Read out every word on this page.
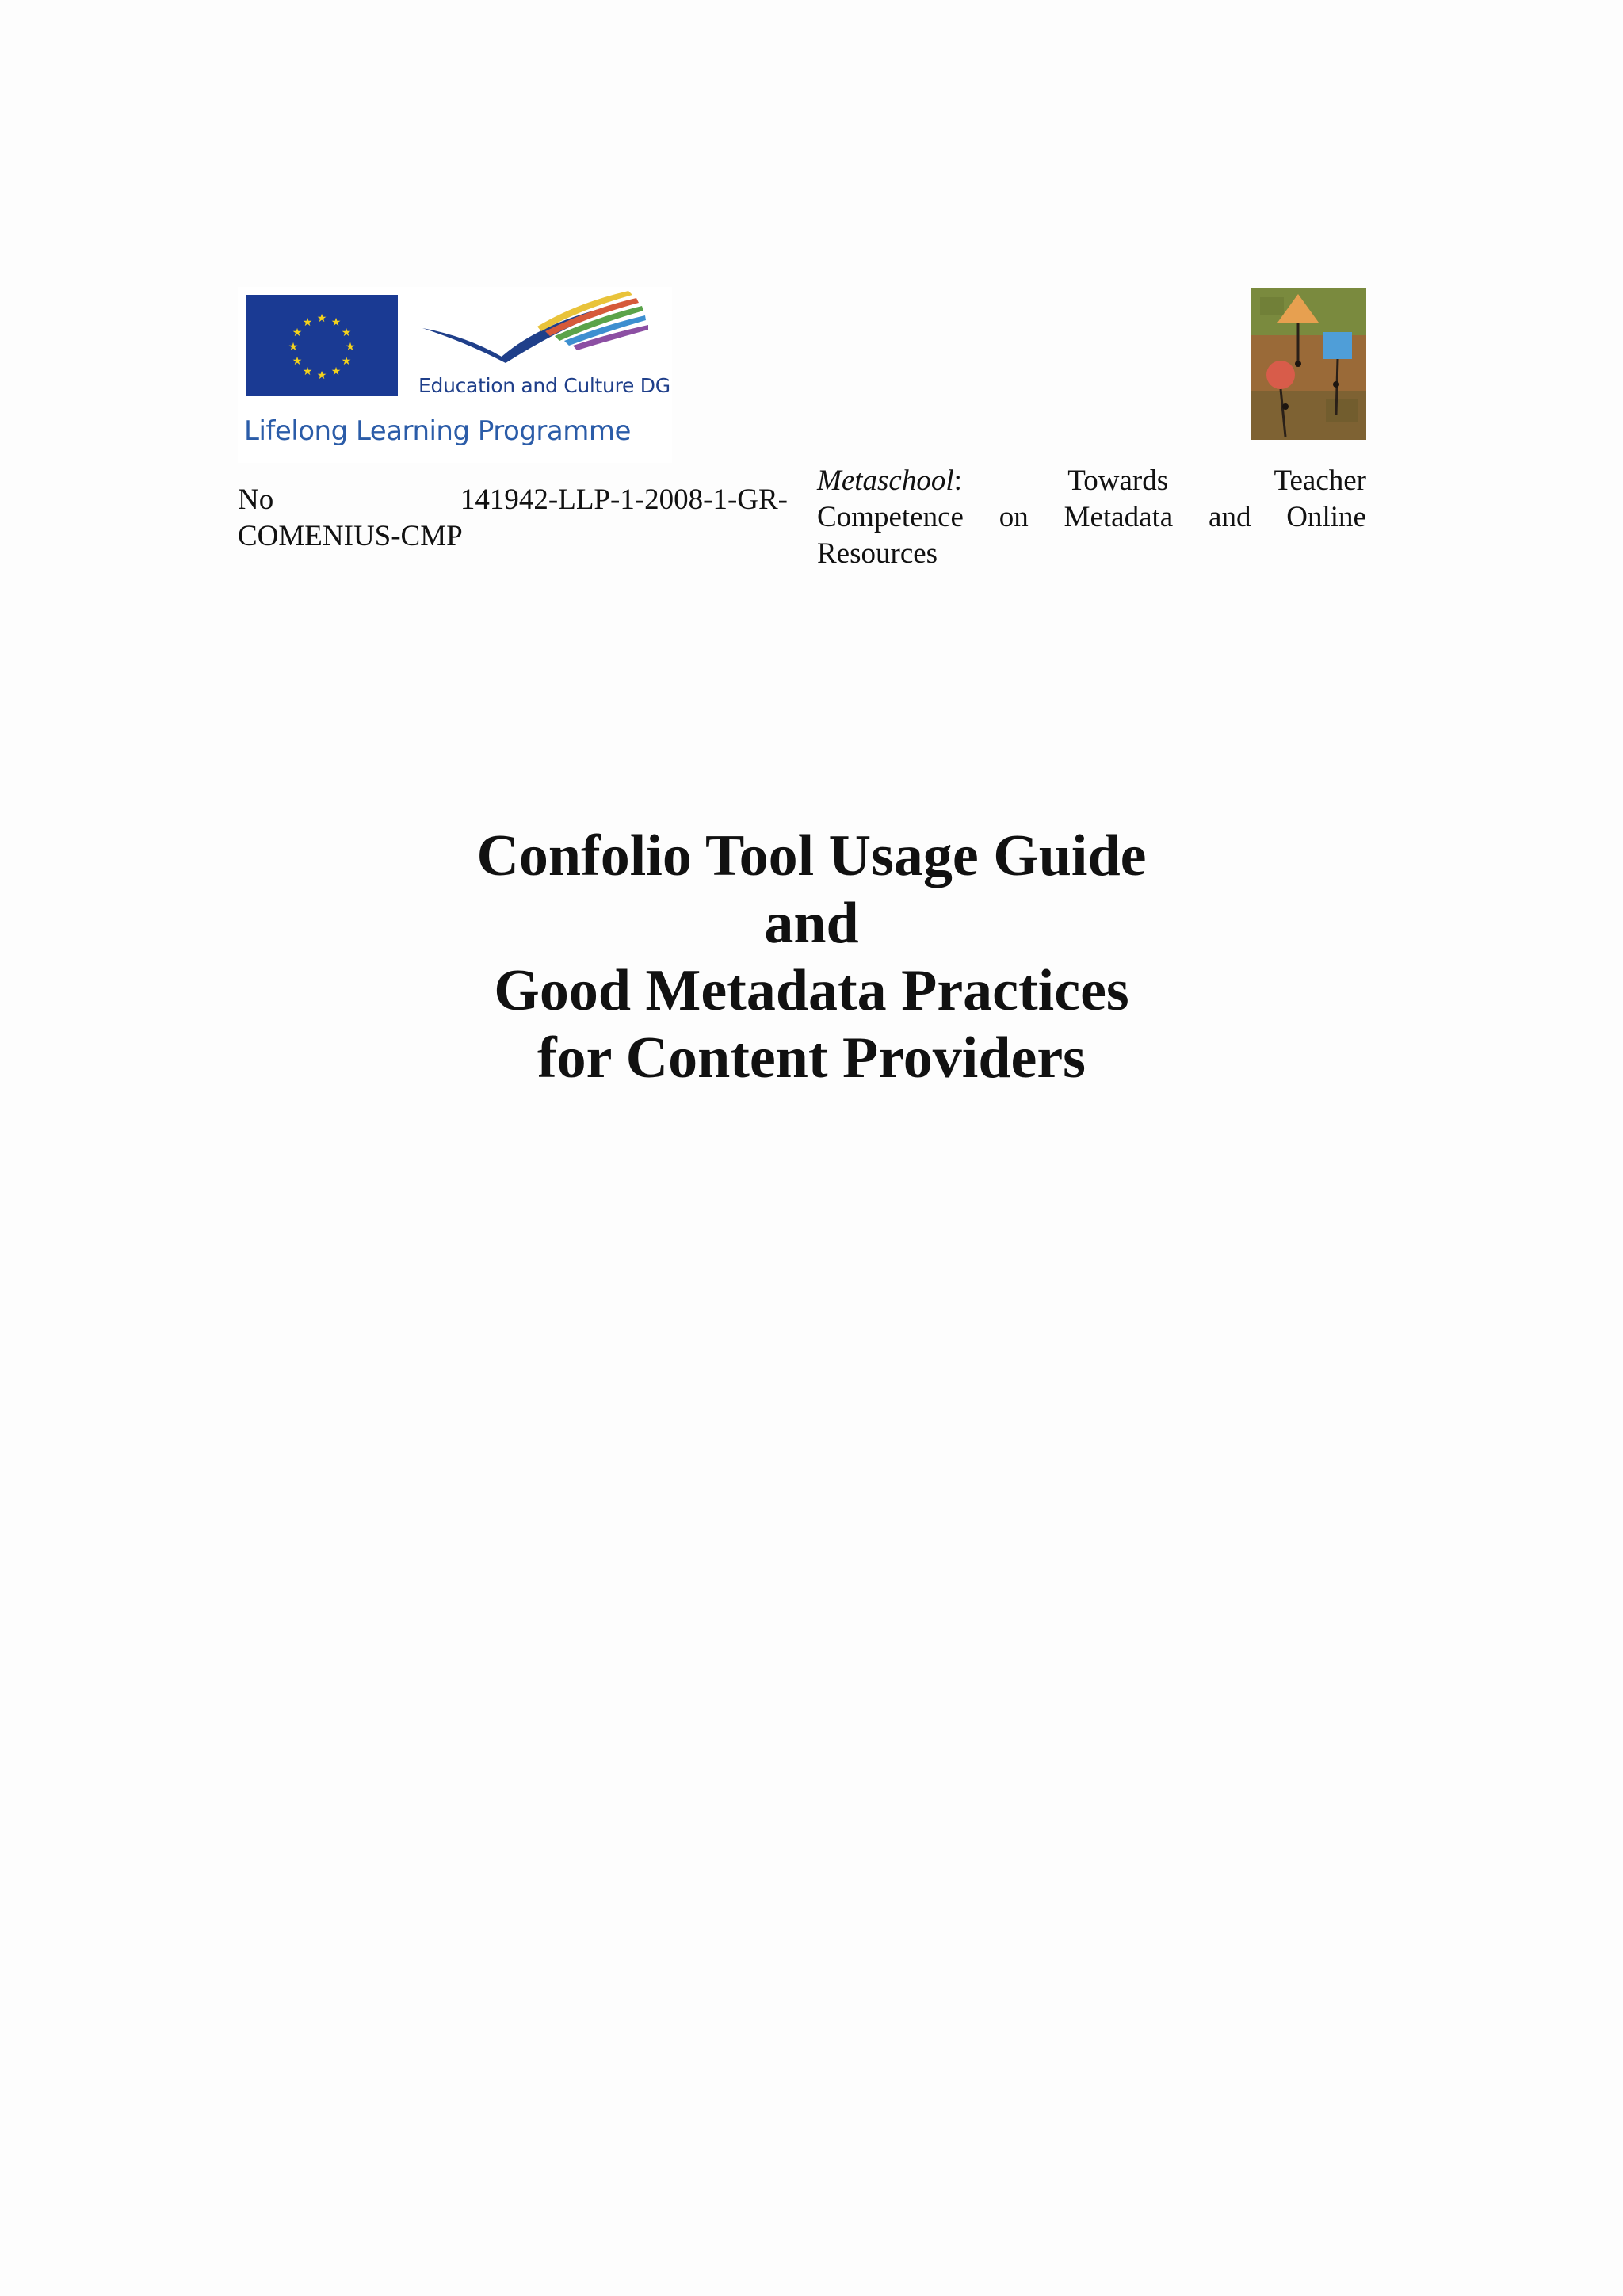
★ ★
★
★
★
★
★
★
★
★
★
★
Education and Culture DG
Lifelong Learning Programme
No	141942-LLP-1-2008-1-GR-
COMENIUS-CMP
Metaschool:	Towards	Teacher
Competence on Metadata and Online
Resources
Confolio Tool Usage Guide
and
Good Metadata Practices
for Content Providers
